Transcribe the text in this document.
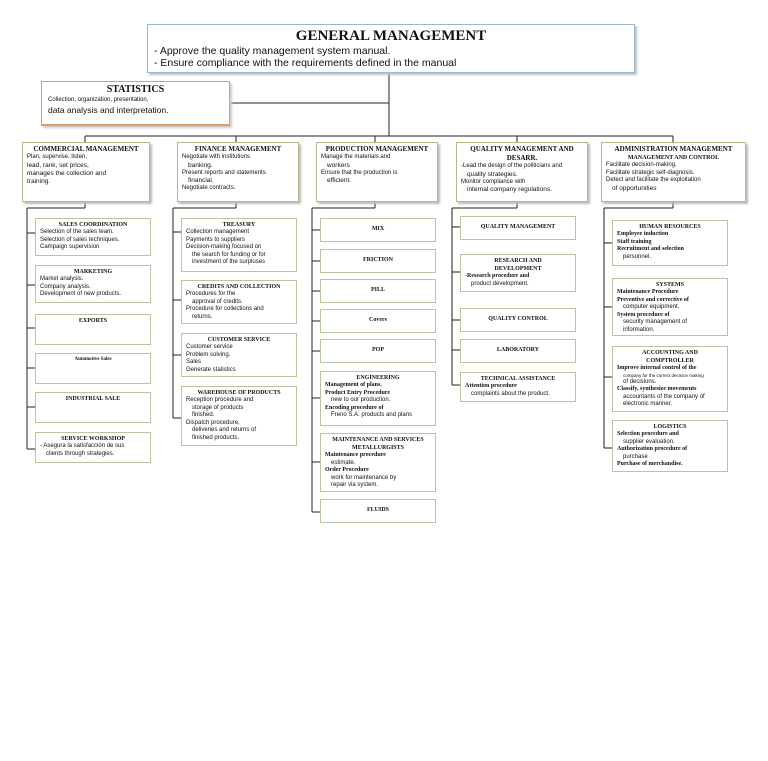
GENERAL MANAGEMENT
- Approve the quality management system manual.
- Ensure compliance with the requirements defined in the manual
STATISTICS
Collection, organization, presentation,
data analysis and interpretation.
COMMERCIAL MANAGEMENT
Plan, supervise, listen,
lead, rank, set prices,
manages the collection and
training.
FINANCE MANAGEMENT
Negotiate with institutions
banking.
Present reports and statements
financial.
Negotiate contracts.
PRODUCTION MANAGEMENT
Manage the materials and
workers
Ensure that the production is
efficient.
QUALITY MANAGEMENT AND
DESARR.
-Lead the design of the politicians and
quality strategies.
Monitor compliance with
internal company regulations.
ADMINISTRATION MANAGEMENT
MANAGEMENT AND CONTROL
Facilitate decision-making.
Facilitate strategic self-diagnosis.
Detect and facilitate the exploitation
of opportunities
SALES COORDINATION
Selection of the sales team.
Selection of sales techniques.
Campaign supervision
MARKETING
Market analysis.
Company analysis.
Development of new products.
EXPORTS
Automotive Sales
INDUSTRIAL SALE
SERVICE WORKSHOP
- Asegura la satisfacción de sus
clients through strategies.
TREASURY
Collection management
Payments to suppliers
Decision-making focused on
the search for funding or for
investment of the surpluses
CREDITS AND COLLECTION
Procedures for the
approval of credits.
Procedure for collections and
returns.
CUSTOMER SERVICE
Customer service
Problem solving.
Sales
Generate statistics
WAREHOUSE OF PRODUCTS
Reception procedure and
storage of products
finished.
Dispatch procedure,
deliveries and returns of
finished products.
MIX
FRICTION
PILL
Covers
POP
ENGINEERING
Management of plans.
Product Entry Procedure
new to our production.
Encoding procedure of
Freno S.A. products and plans
MAINTENANCE AND SERVICES
METALLURGISTS
Maintenance procedure
estimate.
Order Procedure
work for maintenance by
repair via system.
FLUIDS
QUALITY MANAGEMENT
RESEARCH AND
DEVELOPMENT
-Research procedure and
product development.
QUALITY CONTROL
LABORATORY
TECHNICAL ASSISTANCE
Attention procedure
complaints about the product.
HUMAN RESOURCES
Employee induction
Staff training
Recruitment and selection
personnel.
SYSTEMS
Maintenance Procedure
Preventive and corrective of
computer equipment.
System procedure of
security management of
information.
ACCOUNTING AND
COMPTROLLER
Improve internal control of the
company for the correct decision making
of decisions.
Classify, synthesize movements
accountants of the company of
electronic manner.
LOGISTICS
Selection procedure and
supplier evaluation.
Authorization procedure of
purchase
Purchase of merchandise.
